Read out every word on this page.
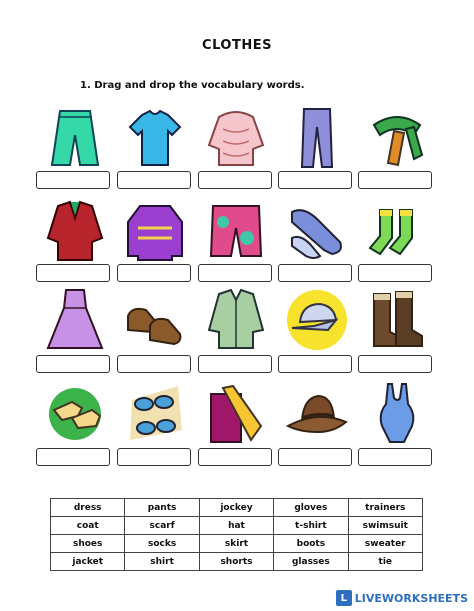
CLOTHES
1. Drag and drop the vocabulary words.
dress	pants	jockey	gloves	trainers
coat	scarf	hat	t-shirt	swimsuit
shoes	socks	skirt	boots	sweater
jacket	shirt	shorts	glasses	tie
L LIVEWORKSHEETS
